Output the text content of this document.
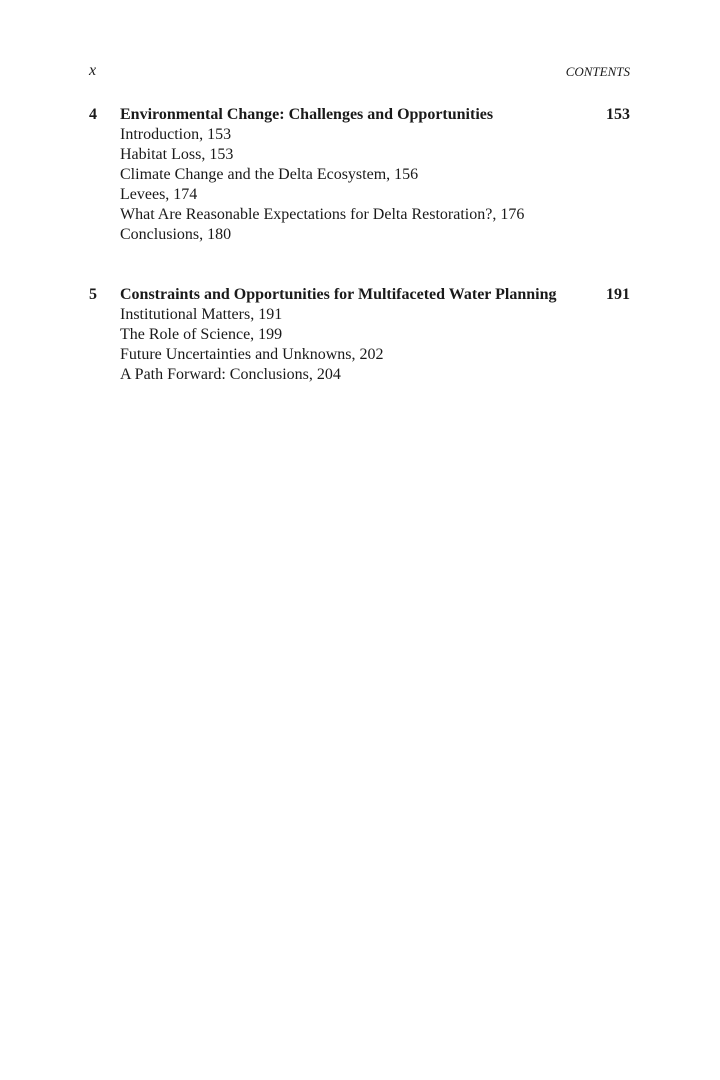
x	CONTENTS
4	Environmental Change: Challenges and Opportunities	153
Introduction, 153
Habitat Loss, 153
Climate Change and the Delta Ecosystem, 156
Levees, 174
What Are Reasonable Expectations for Delta Restoration?, 176
Conclusions, 180
5	Constraints and Opportunities for Multifaceted Water Planning	191
Institutional Matters, 191
The Role of Science, 199
Future Uncertainties and Unknowns, 202
A Path Forward: Conclusions, 204
